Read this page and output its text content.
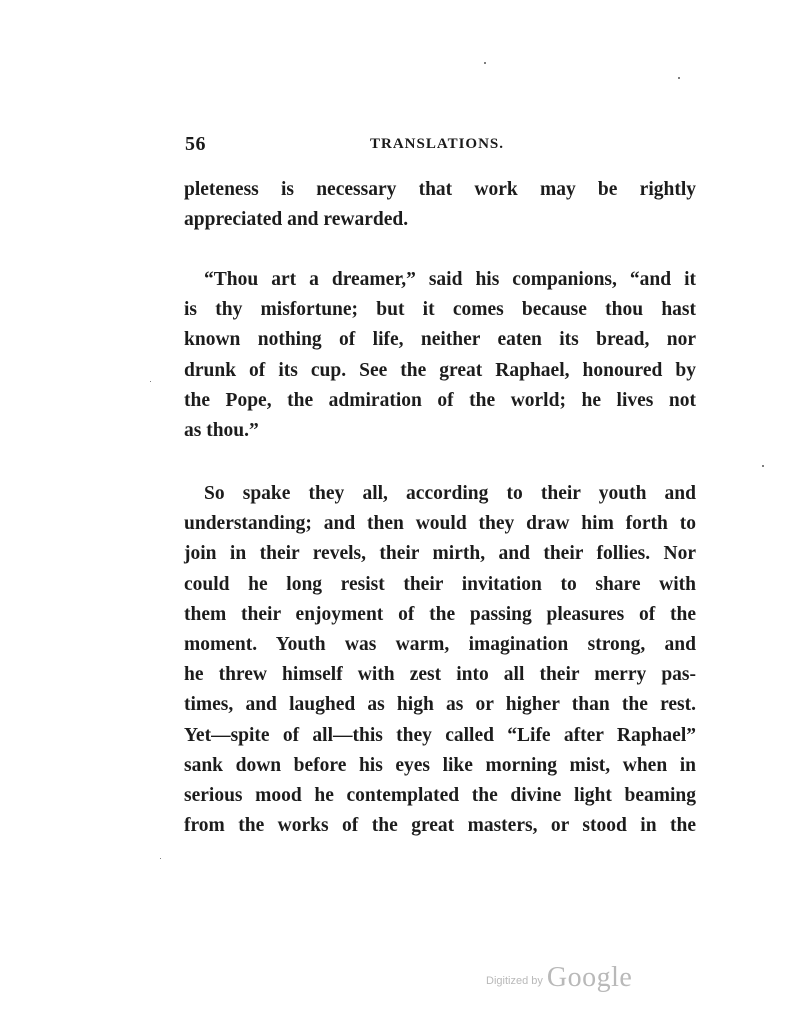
56	TRANSLATIONS.
pleteness is necessary that work may be rightly
appreciated and rewarded.
“Thou art a dreamer,” said his companions, “and it
is thy misfortune; but it comes because thou hast
known nothing of life, neither eaten its bread, nor
drunk of its cup. See the great Raphael, honoured by
the Pope, the admiration of the world; he lives not
as thou.”
So spake they all, according to their youth and
understanding; and then would they draw him forth to
join in their revels, their mirth, and their follies. Nor
could he long resist their invitation to share with
them their enjoyment of the passing pleasures of the
moment. Youth was warm, imagination strong, and
he threw himself with zest into all their merry pas-
times, and laughed as high as or higher than the rest.
Yet—spite of all—this they called “Life after Raphael”
sank down before his eyes like morning mist, when in
serious mood he contemplated the divine light beaming
from the works of the great masters, or stood in the
Digitized by Google
